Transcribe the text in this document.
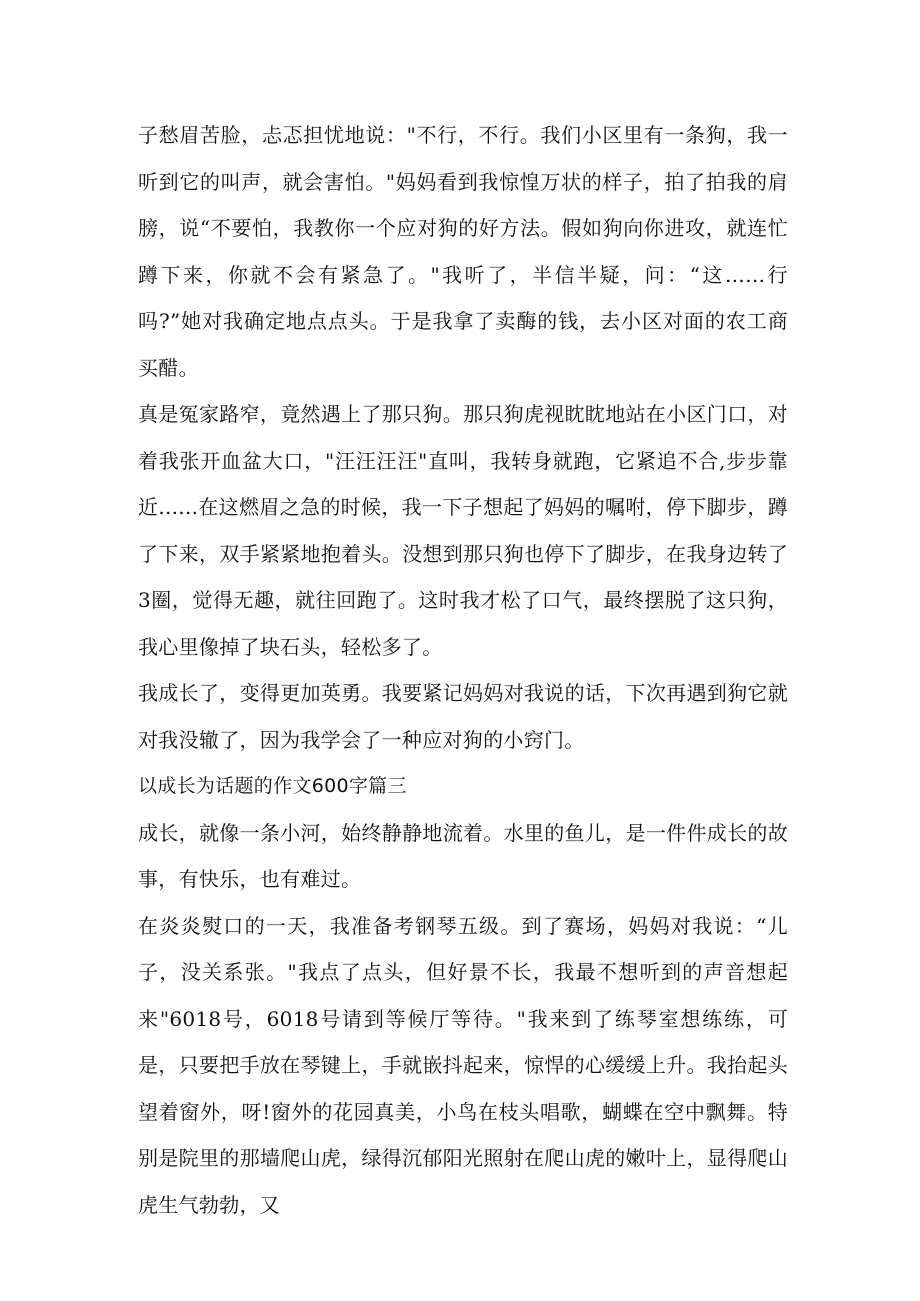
子愁眉苦脸，忐忑担忧地说："不行，不行。我们小区里有一条狗，我一听到它的叫声，就会害怕。"妈妈看到我惊惶万状的样子，拍了拍我的肩膀，说“不要怕，我教你一个应对狗的好方法。假如狗向你进攻，就连忙蹲下来，你就不会有紧急了。"我听了，半信半疑，问：“这……行吗?”她对我确定地点点头。于是我拿了卖酶的钱，去小区对面的农工商买醋。

真是冤家路窄，竟然遇上了那只狗。那只狗虎视眈眈地站在小区门口，对着我张开血盆大口，"汪汪汪汪"直叫，我转身就跑，它紧追不合,步步靠近......在这燃眉之急的时候，我一下子想起了妈妈的嘱咐，停下脚步，蹲了下来，双手紧紧地抱着头。没想到那只狗也停下了脚步，在我身边转了3圈，觉得无趣，就往回跑了。这时我才松了口气，最终摆脱了这只狗，我心里像掉了块石头，轻松多了。

我成长了，变得更加英勇。我要紧记妈妈对我说的话，下次再遇到狗它就对我没辙了，因为我学会了一种应对狗的小窍门。

以成长为话题的作文600字篇三

成长，就像一条小河，始终静静地流着。水里的鱼儿，是一件件成长的故事，有快乐，也有难过。

在炎炎熨口的一天，我准备考钢琴五级。到了赛场，妈妈对我说：“儿子，没关系张。"我点了点头，但好景不长，我最不想听到的声音想起来"6018号，6018号请到等候厅等待。"我来到了练琴室想练练，可是，只要把手放在琴键上，手就嵌抖起来，惊悍的心缓缓上升。我抬起头望着窗外，呀!窗外的花园真美，小鸟在枝头唱歌，蝴蝶在空中飘舞。特别是院里的那墙爬山虎，绿得沉郁阳光照射在爬山虎的嫩叶上，显得爬山虎生气勃勃，又
